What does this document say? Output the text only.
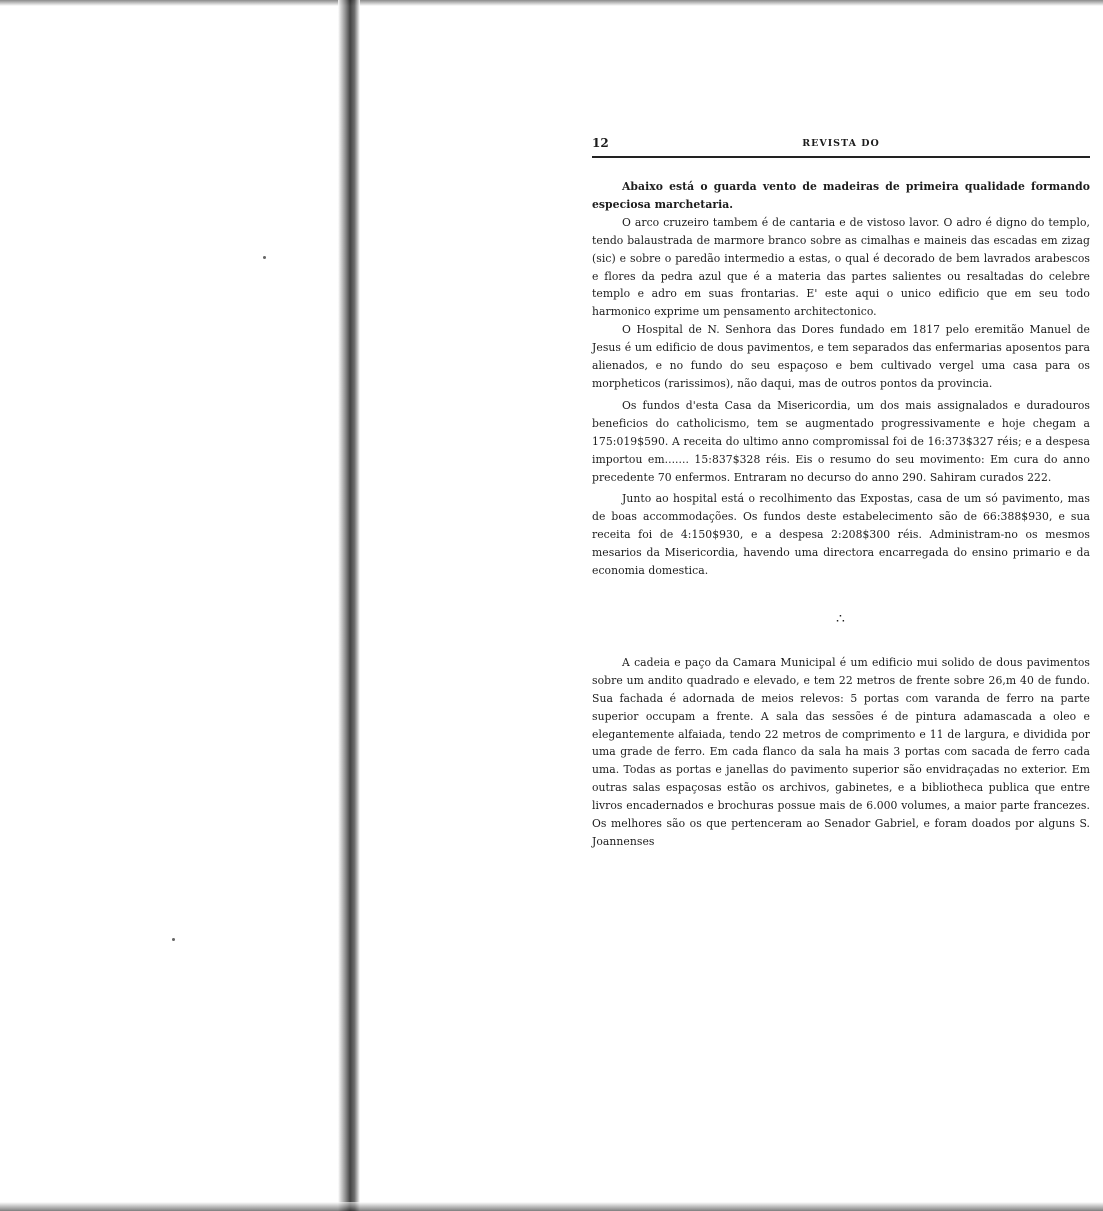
12	REVISTA DO

Abaixo está o guarda vento de madeiras de primeira qualidade formando especiosa marchetaria.

O arco cruzeiro tambem é de cantaria e de vistoso lavor. O adro é digno do templo, tendo balaustrada de marmore branco sobre as cimalhas e maineis das escadas em zizag (sic) e sobre o paredão intermedio a estas, o qual é decorado de bem lavrados arabescos e flores da pedra azul que é a materia das partes salientes ou resaltadas do celebre templo e adro em suas frontarias. E' este aqui o unico edificio que em seu todo harmonico exprime um pensamento architectonico.

O Hospital de N. Senhora das Dores fundado em 1817 pelo eremitão Manuel de Jesus é um edificio de dous pavimentos, e tem separados das enfermarias aposentos para alienados, e no fundo do seu espaçoso e bem cultivado vergel uma casa para os morpheticos (rarissimos), não daqui, mas de outros pontos da provincia.

Os fundos d'esta Casa da Misericordia, um dos mais assignalados e duradouros beneficios do catholicismo, tem se augmentado progressivamente e hoje chegam a 175:019$590. A receita do ultimo anno compromissal foi de 16:373$327 réis; e a despesa importou em....... 15:837$328 réis. Eis o resumo do seu movimento: Em cura do anno precedente 70 enfermos. Entraram no decurso do anno 290. Sahiram curados 222.

Junto ao hospital está o recolhimento das Expostas, casa de um só pavimento, mas de boas accommodações. Os fundos deste estabelecimento são de 66:388$930, e sua receita foi de 4:150$930, e a despesa 2:208$300 réis. Administram-no os mesmos mesarios da Misericordia, havendo uma directora encarregada do ensino primario e da economia domestica.

∴

A cadeia e paço da Camara Municipal é um edificio mui solido de dous pavimentos sobre um andito quadrado e elevado, e tem 22 metros de frente sobre 26,m 40 de fundo. Sua fachada é adornada de meios relevos: 5 portas com varanda de ferro na parte superior occupam a frente. A sala das sessões é de pintura adamascada a oleo e elegantemente alfaiada, tendo 22 metros de comprimento e 11 de largura, e dividida por uma grade de ferro. Em cada flanco da sala ha mais 3 portas com sacada de ferro cada uma. Todas as portas e janellas do pavimento superior são envidraçadas no exterior. Em outras salas espaçosas estão os archivos, gabinetes, e a bibliotheca publica que entre livros encadernados e brochuras possue mais de 6.000 volumes, a maior parte francezes. Os melhores são os que pertenceram ao Senador Gabriel, e foram doados por alguns S. Joannenses
